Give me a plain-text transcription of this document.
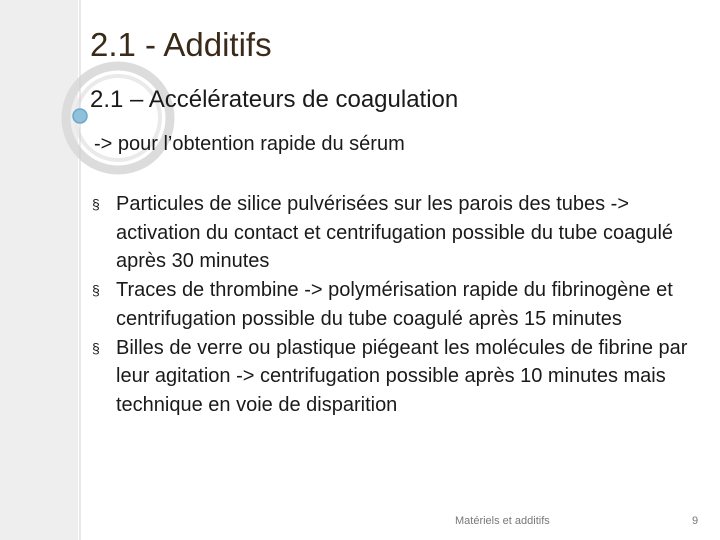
2.1 - Additifs
2.1 – Accélérateurs de coagulation
-> pour l’obtention rapide du sérum
§ Particules de silice pulvérisées sur les parois des tubes -> activation du contact et centrifugation possible du tube coagulé après 30 minutes
§ Traces de thrombine -> polymérisation rapide du fibrinogène et centrifugation possible du tube coagulé après 15 minutes
§ Billes de verre ou plastique piégeant les molécules de fibrine par leur agitation -> centrifugation possible après 10 minutes mais technique en voie de disparition
Matériels et additifs	9
